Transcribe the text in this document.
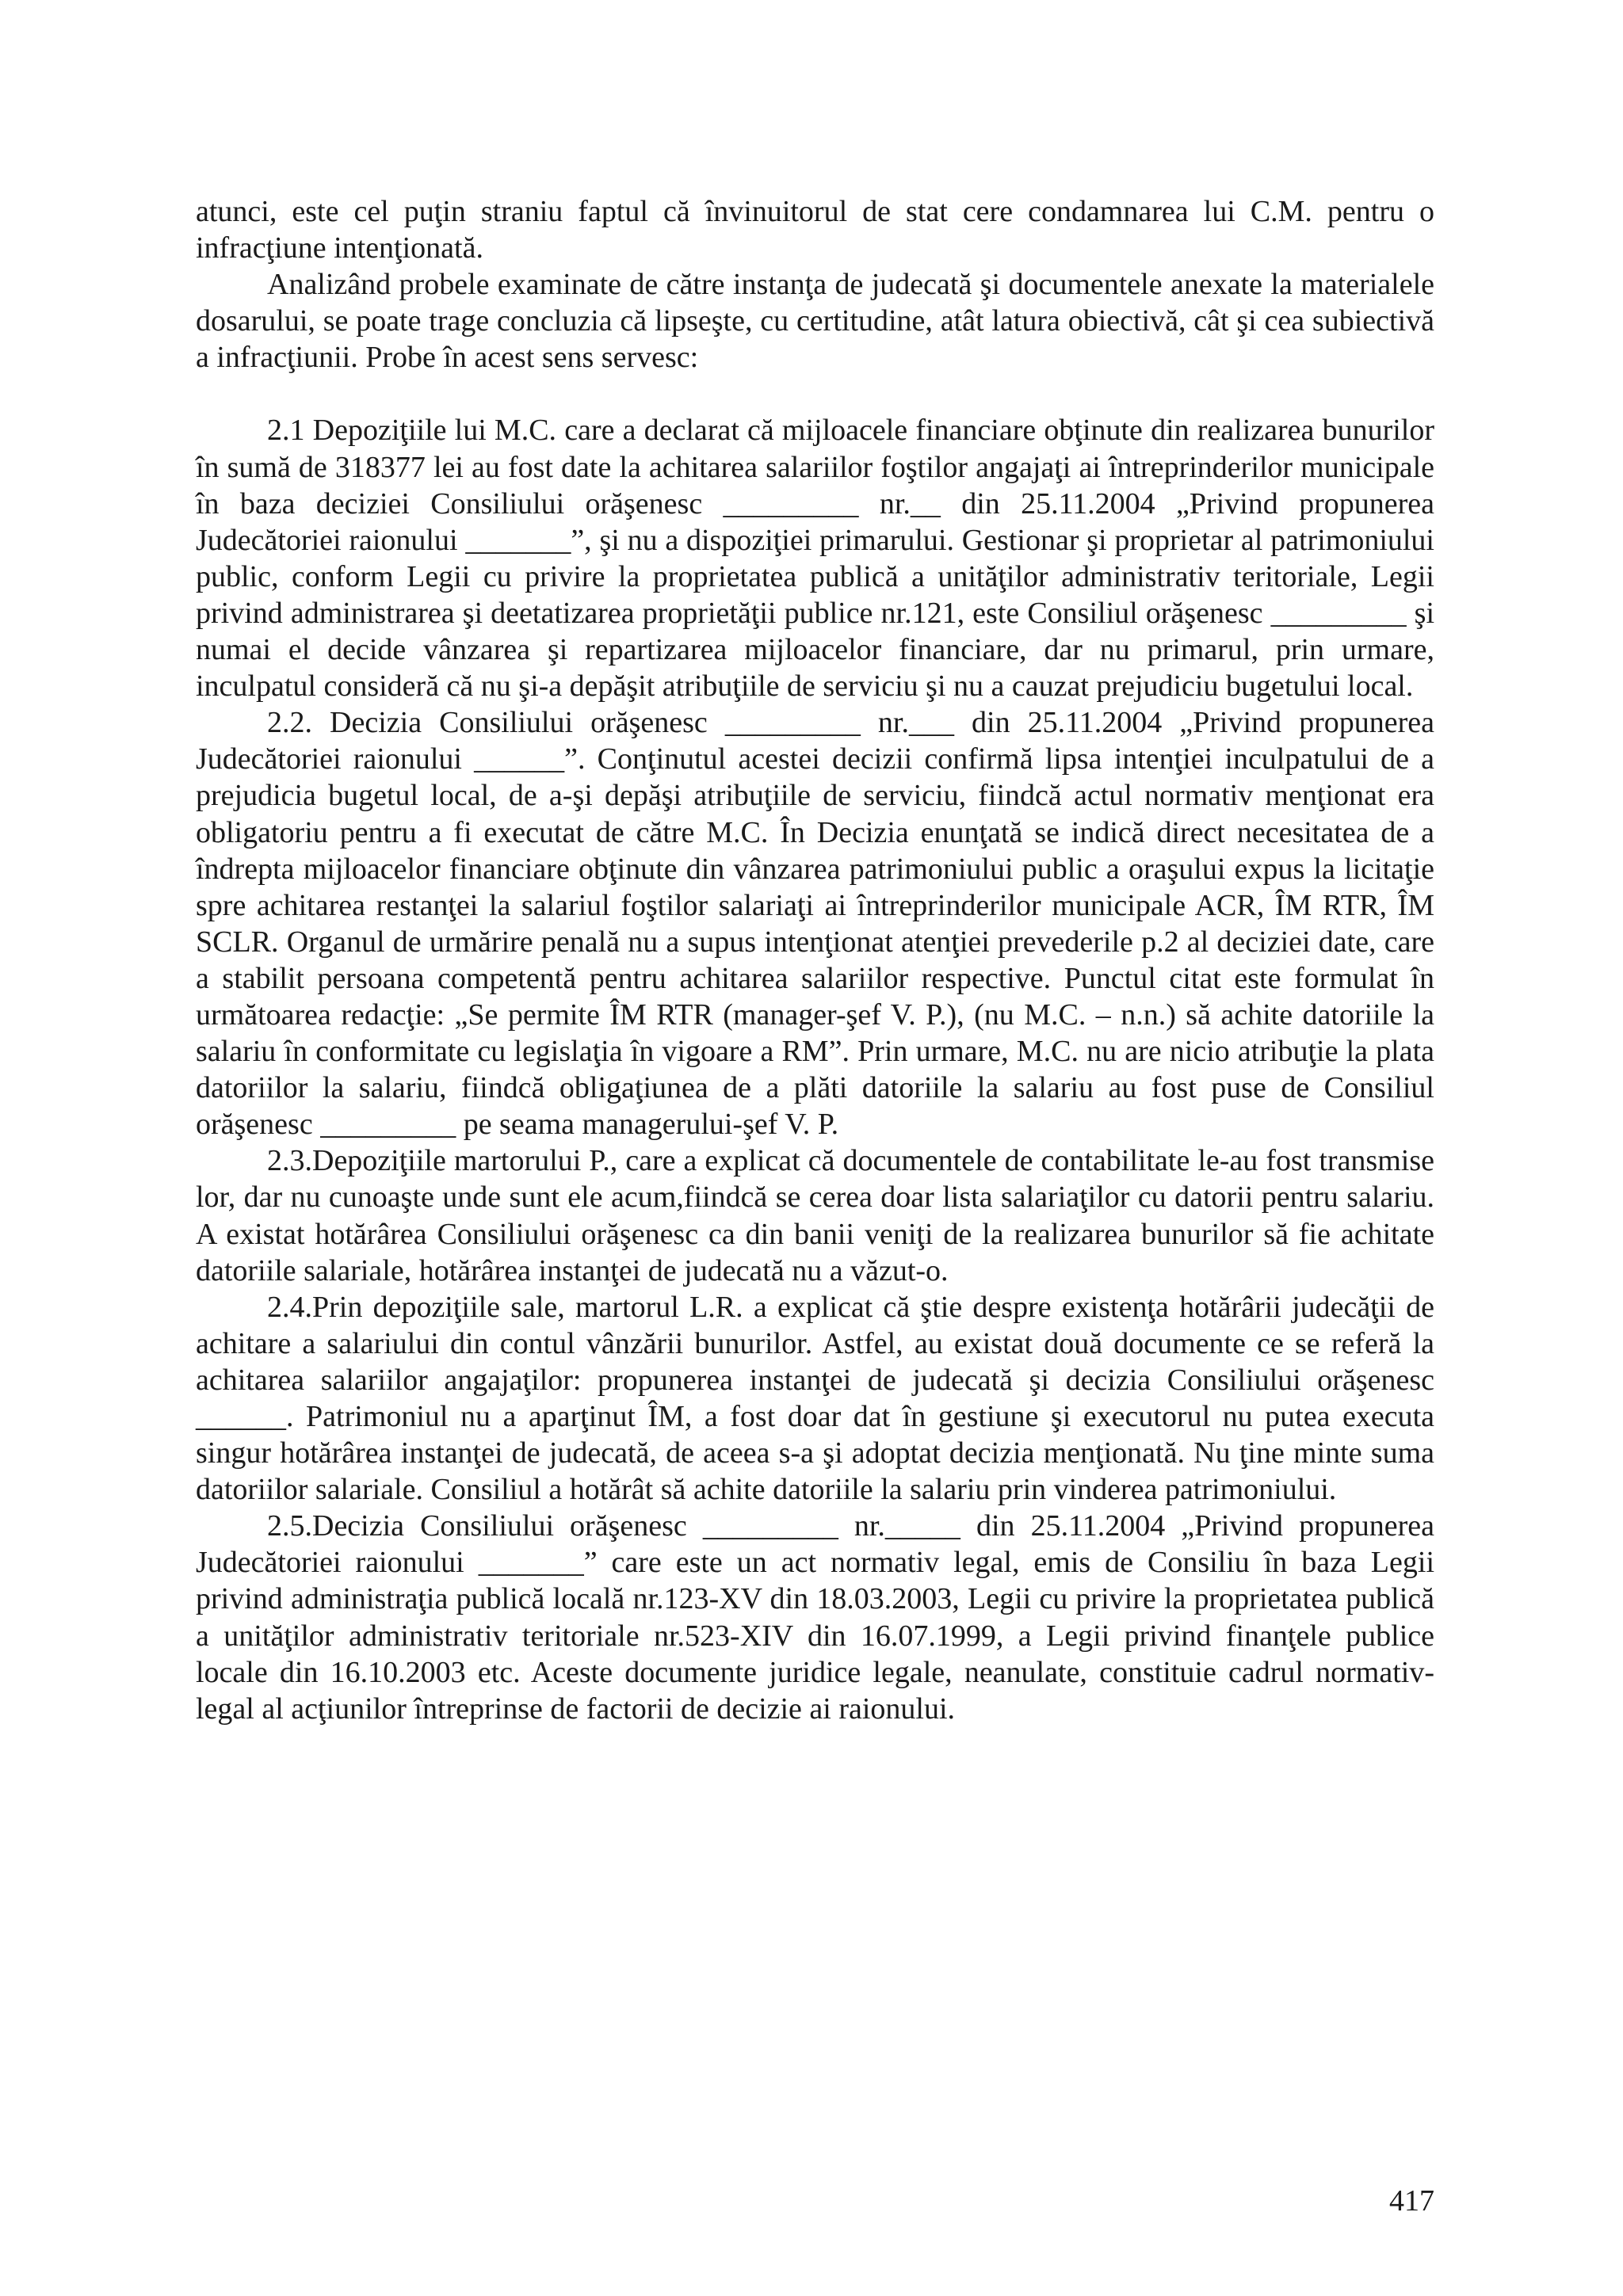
atunci, este cel puţin straniu faptul că învinuitorul de stat cere condamnarea lui C.M. pentru o infracţiune intenţionată.

Analizând probele examinate de către instanţa de judecată şi documentele anexate la materialele dosarului, se poate trage concluzia că lipseşte, cu certitudine, atât latura obiectivă, cât şi cea subiectivă a infracţiunii. Probe în acest sens servesc:

2.1 Depoziţiile lui M.C. care a declarat că mijloacele financiare obţinute din realizarea bunurilor în sumă de 318377 lei au fost date la achitarea salariilor foştilor angajaţi ai întreprinderilor municipale în baza deciziei Consiliului orăşenesc _________ nr.__ din 25.11.2004 „Privind propunerea Judecătoriei raionului _______”, şi nu a dispoziţiei primarului. Gestionar şi proprietar al patrimoniului public, conform Legii cu privire la proprietatea publică a unităţilor administrativ teritoriale, Legii privind administrarea şi deetatizarea proprietăţii publice nr.121, este Consiliul orăşenesc _________ şi numai el decide vânzarea şi repartizarea mijloacelor financiare, dar nu primarul, prin urmare, inculpatul consideră că nu şi-a depăşit atribuţiile de serviciu şi nu a cauzat prejudiciu bugetului local.

2.2. Decizia Consiliului orăşenesc _________ nr.___ din 25.11.2004 „Privind propunerea Judecătoriei raionului ______”. Conţinutul acestei decizii confirmă lipsa intenţiei inculpatului de a prejudicia bugetul local, de a-şi depăşi atribuţiile de serviciu, fiindcă actul normativ menţionat era obligatoriu pentru a fi executat de către M.C. În Decizia enunţată se indică direct necesitatea de a îndrepta mijloacelor financiare obţinute din vânzarea patrimoniului public a oraşului expus la licitaţie spre achitarea restanţei la salariul foştilor salariaţi ai întreprinderilor municipale ACR, ÎM RTR, ÎM SCLR. Organul de urmărire penală nu a supus intenţionat atenţiei prevederile p.2 al deciziei date, care a stabilit persoana competentă pentru achitarea salariilor respective. Punctul citat este formulat în următoarea redacţie: „Se permite ÎM RTR (manager-şef V. P.), (nu M.C. – n.n.) să achite datoriile la salariu în conformitate cu legislaţia în vigoare a RM”. Prin urmare, M.C. nu are nicio atribuţie la plata datoriilor la salariu, fiindcă obligaţiunea de a plăti datoriile la salariu au fost puse de Consiliul orăşenesc _________ pe seama managerului-şef V. P.

2.3.Depoziţiile martorului P., care a explicat că documentele de contabilitate le-au fost transmise lor, dar nu cunoaşte unde sunt ele acum,fiindcă se cerea doar lista salariaţilor cu datorii pentru salariu. A existat hotărârea Consiliului orăşenesc ca din banii veniţi de la realizarea bunurilor să fie achitate datoriile salariale, hotărârea instanţei de judecată nu a văzut-o.

2.4.Prin depoziţiile sale, martorul L.R. a explicat că ştie despre existenţa hotărârii judecăţii de achitare a salariului din contul vânzării bunurilor. Astfel, au existat două documente ce se referă la achitarea salariilor angajaţilor: propunerea instanţei de judecată şi decizia Consiliului orăşenesc ______. Patrimoniul nu a aparţinut ÎM, a fost doar dat în gestiune şi executorul nu putea executa singur hotărârea instanţei de judecată, de aceea s-a şi adoptat decizia menţionată. Nu ţine minte suma datoriilor salariale. Consiliul a hotărât să achite datoriile la salariu prin vinderea patrimoniului.

2.5.Decizia Consiliului orăşenesc _________ nr._____ din 25.11.2004 „Privind propunerea Judecătoriei raionului _______” care este un act normativ legal, emis de Consiliu în baza Legii privind administraţia publică locală nr.123-XV din 18.03.2003, Legii cu privire la proprietatea publică a unităţilor administrativ teritoriale nr.523-XIV din 16.07.1999, a Legii privind finanţele publice locale din 16.10.2003 etc. Aceste documente juridice legale, neanulate, constituie cadrul normativ-legal al acţiunilor întreprinse de factorii de decizie ai raionului.

417
